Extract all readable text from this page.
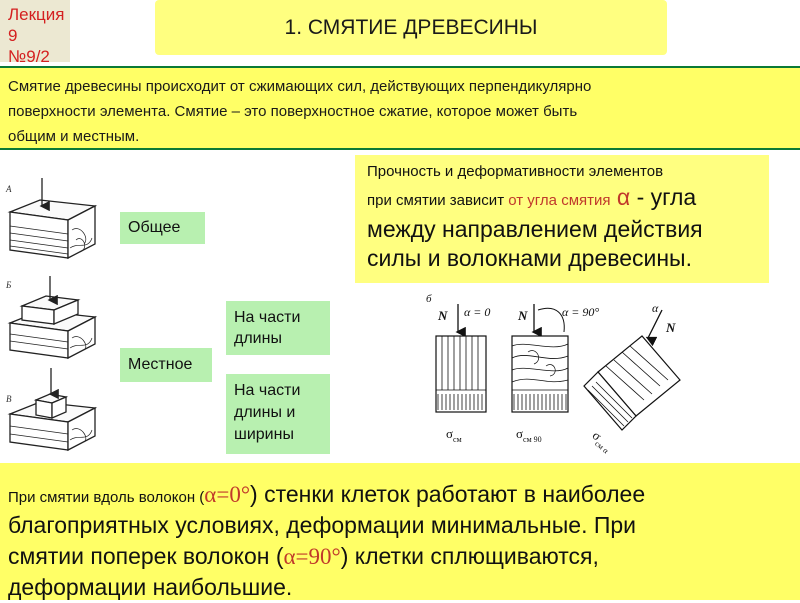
Лекция
9
№9/2
1. СМЯТИЕ ДРЕВЕСИНЫ
Смятие древесины происходит от сжимающих сил, действующих перпендикулярно
поверхности элемента. Смятие – это поверхностное сжатие, которое может быть
общим и местным.
А
Б
В
Общее
Местное
На части
длины
На части
длины и
ширины
Прочность и деформативности элементов
при смятии зависит от угла смятия α - угла
между направлением действия
силы и волокнами древесины.
б
N α = 0
$\sigma_{см}$
N	α = 90°
$\sigma_{см 90}$
α
N
$\sigma_{см \alpha}$
При смятии вдоль волокон (α=0°) стенки клеток работают в наиболее
благоприятных условиях, деформации минимальные. При
смятии поперек волокон (α=90°) клетки сплющиваются,
деформации наибольшие.
